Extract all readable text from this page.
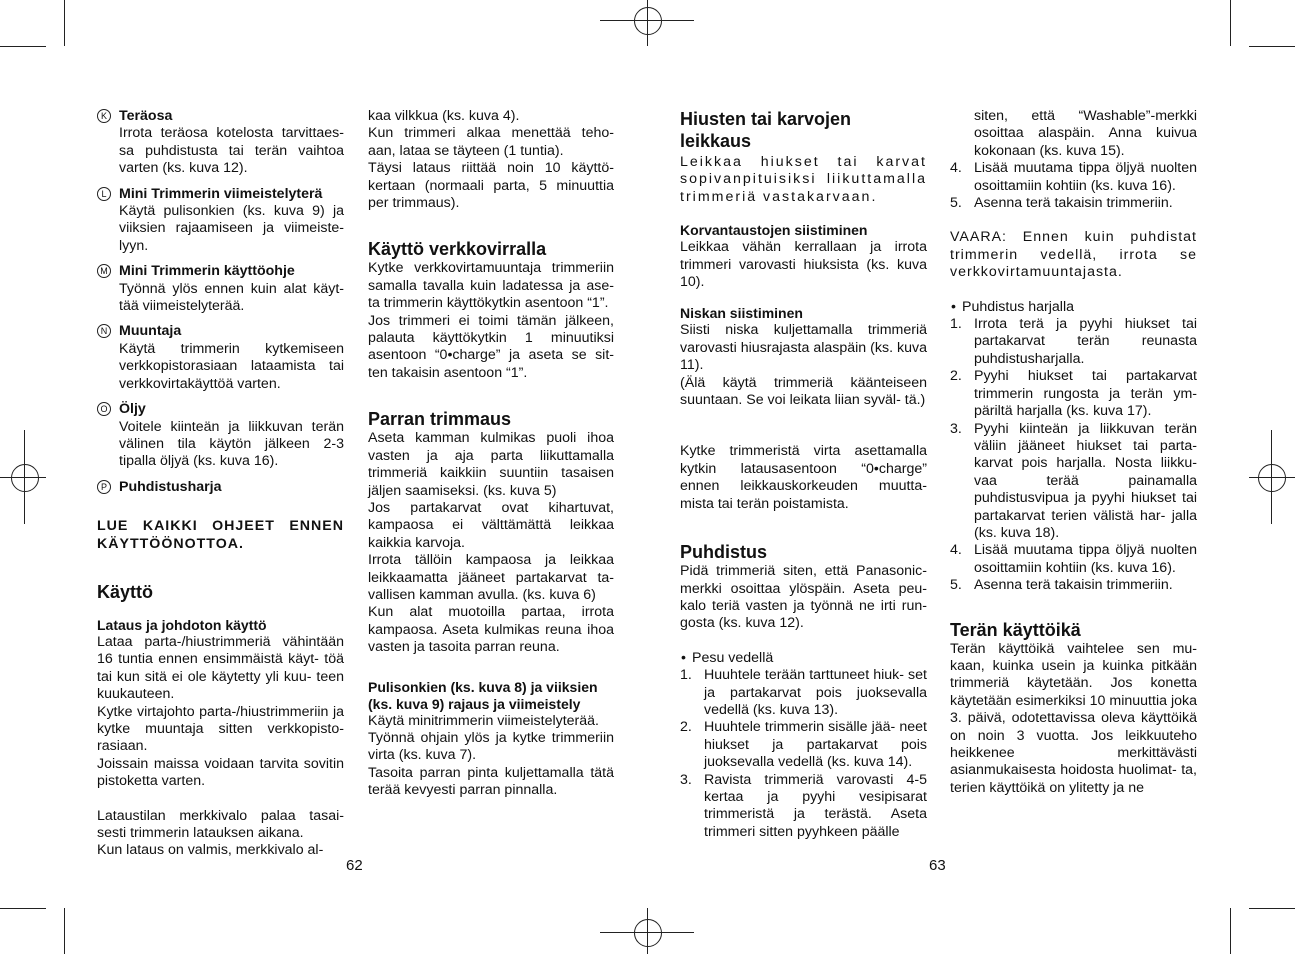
K Teräosa

Irrota teräosa kotelosta tarvittaes- sa puhdistusta tai terän vaihtoa varten (ks. kuva 12).

L Mini Trimmerin viimeistelyterä

Käytä pulisonkien (ks. kuva 9) ja viiksien rajaamiseen ja viimeiste- lyyn.

M Mini Trimmerin käyttöohje

Työnnä ylös ennen kuin alat käyt- tää viimeistelyterää.

N Muuntaja

Käytä trimmerin kytkemiseen verkkopistorasiaan lataamista tai verkkovirtakäyttöä varten.

O Öljy

Voitele kiinteän ja liikkuvan terän välinen tila käytön jälkeen 2-3 tipalla öljyä (ks. kuva 16).

P Puhdistusharja

LUE KAIKKI OHJEET ENNEN KÄYTTÖÖNOTTOA.

Käyttö
Lataus ja johdoton käyttö

Lataa parta-/hiustrimmeriä vähintään 16 tuntia ennen ensimmäistä käyt- töä tai kun sitä ei ole käytetty yli kuu- teen kuukauteen.

Kytke virtajohto parta-/hiustrimmeriin ja kytke muuntaja sitten verkkopisto- rasiaan.

Joissain maissa voidaan tarvita sovitin pistoketta varten.

Lataustilan merkkivalo palaa tasai- sesti trimmerin latauksen aikana.

Kun lataus on valmis, merkkivalo al-

kaa vilkkua (ks. kuva 4).

Kun trimmeri alkaa menettää teho- aan, lataa se täyteen (1 tuntia).

Täysi lataus riittää noin 10 käyttö- kertaan (normaali parta, 5 minuuttia per trimmaus).

Käyttö verkkovirralla

Kytke verkkovirtamuuntaja trimmeriin samalla tavalla kuin ladatessa ja ase- ta trimmerin käyttökytkin asentoon “1”.

Jos trimmeri ei toimi tämän jälkeen, palauta käyttökytkin 1 minuutiksi asentoon “0•charge” ja aseta se sit- ten takaisin asentoon “1”.

Parran trimmaus

Aseta kamman kulmikas puoli ihoa vasten ja aja parta liikuttamalla trimmeriä kaikkiin suuntiin tasaisen jäljen saamiseksi. (ks. kuva 5)

Jos partakarvat ovat kihartuvat, kampaosa ei välttämättä leikkaa kaikkia karvoja.

Irrota tällöin kampaosa ja leikkaa leikkaamatta jääneet partakarvat ta- vallisen kamman avulla. (ks. kuva 6)

Kun alat muotoilla partaa, irrota kampaosa. Aseta kulmikas reuna ihoa vasten ja tasoita parran reuna.

Pulisonkien (ks. kuva 8) ja viiksien (ks. kuva 9) rajaus ja viimeistely

Käytä minitrimmerin viimeistelyterää.

Työnnä ohjain ylös ja kytke trimmeriin virta (ks. kuva 7).

Tasoita parran pinta kuljettamalla tätä terää kevyesti parran pinnalla.

62
Hiusten tai karvojen leikkaus

Leikkaa hiukset tai karvat sopivanpituisiksi liikuttamalla trimmeriä vastakarvaan.

Korvantaustojen siistiminen

Leikkaa vähän kerrallaan ja irrota trimmeri varovasti hiuksista (ks. kuva 10).

Niskan siistiminen

Siisti niska kuljettamalla trimmeriä varovasti hiusrajasta alaspäin (ks. kuva 11).

(Älä käytä trimmeriä käänteiseen suuntaan. Se voi leikata liian syväl- tä.)

Kytke trimmeristä virta asettamalla kytkin latausasentoon “0•charge” ennen leikkauskorkeuden muutta- mista tai terän poistamista.

Puhdistus

Pidä trimmeriä siten, että Panasonic- merkki osoittaa ylöspäin. Aseta peu- kalo teriä vasten ja työnnä ne irti run- gosta (ks. kuva 12).

• Pesu vedellä
1. Huuhtele terään tarttuneet hiuk- set ja partakarvat pois juoksevalla vedellä (ks. kuva 13).
2. Huuhtele trimmerin sisälle jää- neet hiukset ja partakarvat pois juoksevalla vedellä (ks. kuva 14).
3. Ravista trimmeriä varovasti 4-5 kertaa ja pyyhi vesipisarat trimmeristä ja terästä. Aseta trimmeri sitten pyyhkeen päälle
63

siten, että “Washable”-merkki osoittaa alaspäin. Anna kuivua kokonaan (ks. kuva 15).

4. Lisää muutama tippa öljyä nuolten osoittamiin kohtiin (ks. kuva 16).
5. Asenna terä takaisin trimmeriin.

VAARA: Ennen kuin puhdistat trimmerin vedellä, irrota se verkkovirtamuuntajasta.

• Puhdistus harjalla
1. Irrota terä ja pyyhi hiukset tai partakarvat terän reunasta puhdistusharjalla.
2. Pyyhi hiukset tai partakarvat trimmerin rungosta ja terän ym- päriltä harjalla (ks. kuva 17).
3. Pyyhi kiinteän ja liikkuvan terän väliin jääneet hiukset tai parta- karvat pois harjalla. Nosta liikku- vaa terää painamalla puhdistusvipua ja pyyhi hiukset tai partakarvat terien välistä har- jalla (ks. kuva 18).
4. Lisää muutama tippa öljyä nuolten osoittamiin kohtiin (ks. kuva 16).
5. Asenna terä takaisin trimmeriin.
Terän käyttöikä

Terän käyttöikä vaihtelee sen mu- kaan, kuinka usein ja kuinka pitkään trimmeriä käytetään. Jos konetta käytetään esimerkiksi 10 minuuttia joka 3. päivä, odotettavissa oleva käyttöikä on noin 3 vuotta. Jos leikkuuteho heikkenee merkittävästi asianmukaisesta hoidosta huolimat- ta, terien käyttöikä on ylitetty ja ne
